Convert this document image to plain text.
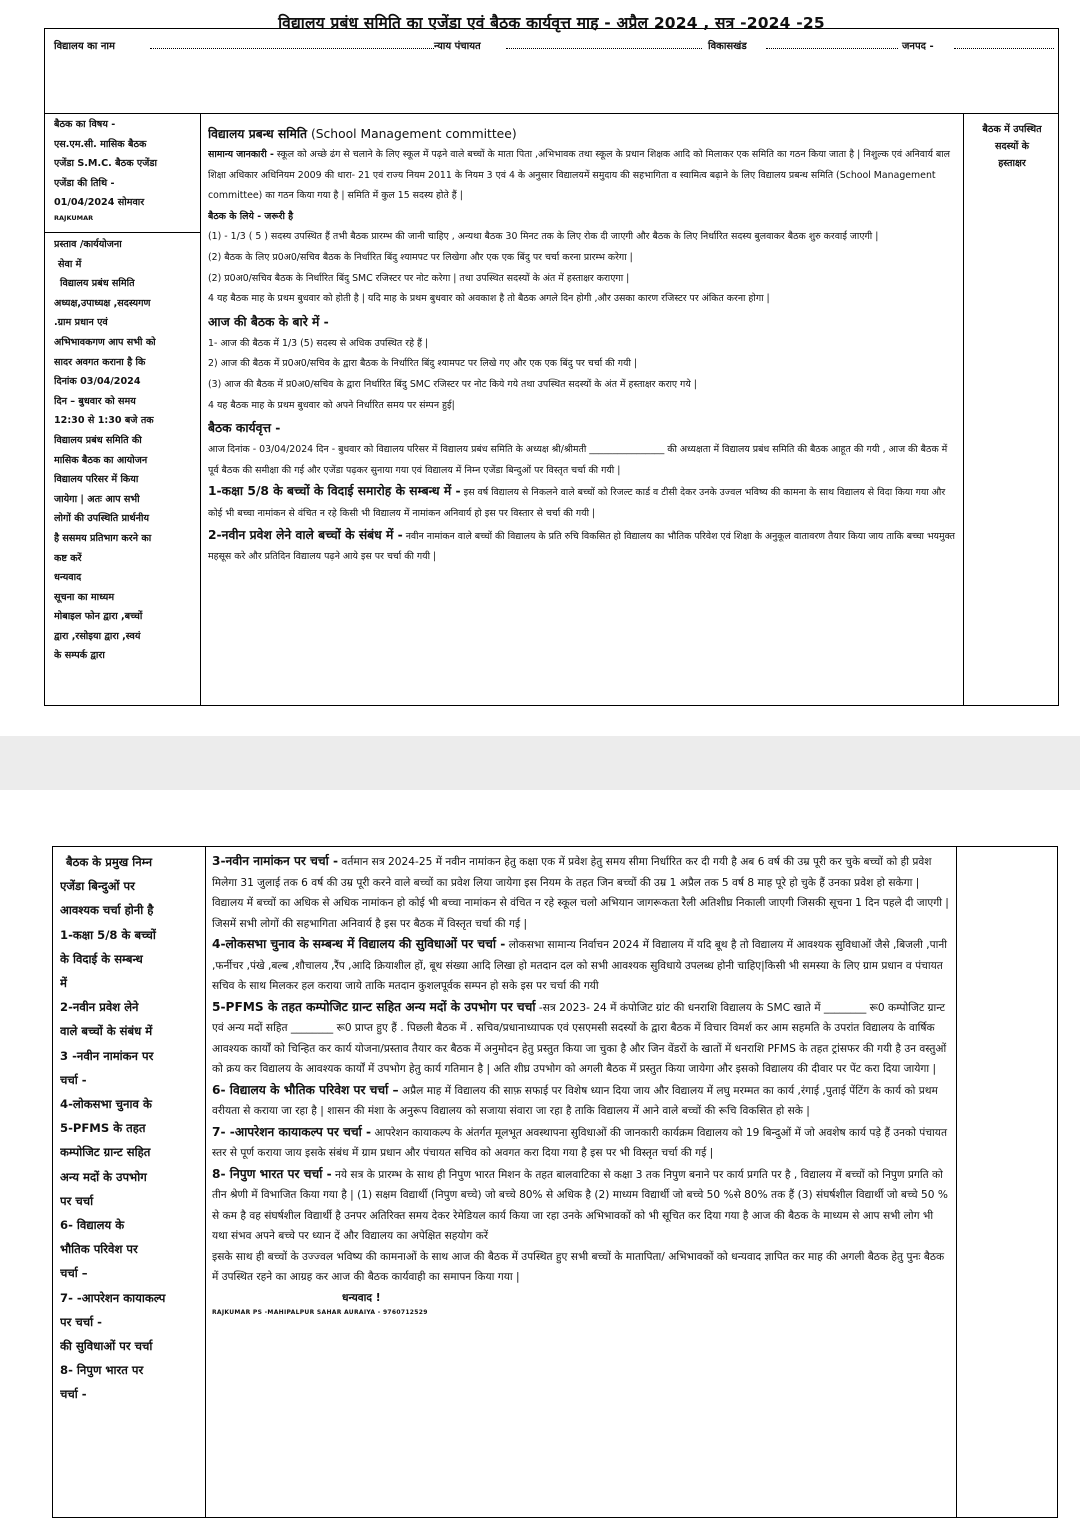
विद्यालय प्रबंध समिति का एजेंडा एवं बैठक कार्यवृत्त माह - अप्रैल 2024 , सत्र -2024 -25
विद्यालय का नाम	न्याय पंचायत	विकासखंड	जनपद -

बैठक का विषय -

एस.एम.सी. मासिक बैठक

एजेंडा S.M.C. बैठक एजेंडा

एजेंडा की तिथि -

01/04/2024 सोमवार

RAJKUMAR

प्रस्ताव /कार्ययोजना

सेवा में

विद्यालय प्रबंध समिति

अध्यक्ष,उपाध्यक्ष ,सदस्यगण

.ग्राम प्रधान एवं

अभिभावकगण आप सभी को

सादर अवगत कराना है कि

दिनांक 03/04/2024

दिन – बुधवार को समय

12:30 से 1:30 बजे तक

विद्यालय प्रबंध समिति की

मासिक बैठक का आयोजन

विद्यालय परिसर में किया

जायेगा | अतः आप सभी

लोगों की उपस्थिति प्रार्थनीय

है ससमय प्रतिभाग करने का

कष्ट करें

धन्यवाद

सूचना का माध्यम

मोबाइल फोन द्वारा ,बच्चों

द्वारा ,रसोइया द्वारा ,स्वयं

के सम्पर्क द्वारा

विद्यालय प्रबन्ध समिति (School Management committee)

सामान्य जानकारी - स्कूल को अच्छे ढंग से चलाने के लिए स्कूल में पढ़ने वाले बच्चों के माता पिता ,अभिभावक तथा स्कूल के प्रधान शिक्षक आदि को मिलाकर एक समिति का गठन किया जाता है | निशुल्क एवं अनिवार्य बाल शिक्षा अधिकार अधिनियम 2009 की धारा- 21 एवं राज्य नियम 2011 के नियम 3 एवं 4 के अनुसार विद्यालयमें समुदाय की सहभागिता व स्वामित्व बढ़ाने के लिए विद्यालय प्रबन्ध समिति (School Management committee) का गठन किया गया है | समिति में कुल 15 सदस्य होते हैं |

बैठक के लिये - जरूरी है

(1) - 1/3 ( 5 ) सदस्य उपस्थित हैं तभी बैठक प्रारम्भ की जानी चाहिए , अन्यथा बैठक 30 मिनट तक के लिए रोक दी जाएगी और बैठक के लिए निर्धारित सदस्य बुलवाकर बैठक शुरु करवाई जाएगी |

(2) बैठक के लिए प्र0अ0/सचिव बैठक के निर्धारित बिंदु श्यामपट पर लिखेगा और एक एक बिंदु पर चर्चा करना प्रारम्भ करेगा |

(2) प्र0अ0/सचिव बैठक के निर्धारित बिंदु SMC रजिस्टर पर नोट करेगा | तथा उपस्थित सदस्यों के अंत में हस्ताक्षर कराएगा |

4 यह बैठक माह के प्रथम बुधवार को होती है | यदि माह के प्रथम बुधवार को अवकाश है तो बैठक अगले दिन होगी ,और उसका कारण रजिस्टर पर अंकित करना होगा |

आज की बैठक के बारे में -

1- आज की बैठक में 1/3 (5) सदस्य से अधिक उपस्थित रहे हैं |

2) आज की बैठक में प्र0अ0/सचिव के द्वारा बैठक के निर्धारित बिंदु श्यामपट पर लिखे गए और एक एक बिंदु पर चर्चा की गयी |

(3) आज की बैठक में प्र0अ0/सचिव के द्वारा निर्धारित बिंदु SMC रजिस्टर पर नोट किये गये तथा उपस्थित सदस्यों के अंत में हस्ताक्षर कराए गये |

4 यह बैठक माह के प्रथम बुधवार को अपने निर्धारित समय पर संम्पन हुई|

बैठक कार्यवृत्त -

आज दिनांक - 03/04/2024 दिन - बुधवार को विद्यालय परिसर में विद्यालय प्रबंध समिति के अध्यक्ष श्री/श्रीमती ________________ की अध्यक्षता में विद्यालय प्रबंध समिति की बैठक आहूत की गयी , आज की बैठक में पूर्व बैठक की समीक्षा की गई और एजेंडा पढ़कर सुनाया गया एवं विद्यालय में निम्न एजेंडा बिन्दुओं पर विस्तृत चर्चा की गयी |

1-कक्षा 5/8 के बच्चों के विदाई समारोह के सम्बन्ध में - इस वर्ष विद्यालय से निकलने वाले बच्चों को रिजल्ट कार्ड व टीसी देकर उनके उज्वल भविष्य की कामना के साथ विद्यालय से विदा किया गया और कोई भी बच्चा नामांकन से वंचित न रहे किसी भी विद्यालय में नामांकन अनिवार्य हो इस पर विस्तार से चर्चा की गयी |

2-नवीन प्रवेश लेने वाले बच्चों के संबंध में - नवीन नामांकन वाले बच्चों की विद्यालय के प्रति रुचि विकसित हो विद्यालय का भौतिक परिवेश एवं शिक्षा के अनुकूल वातावरण तैयार किया जाय ताकि बच्चा भयमुक्त महसूस करे और प्रतिदिन विद्यालय पढ़ने आये इस पर चर्चा की गयी |

बैठक में उपस्थित

सदस्यों के

हस्ताक्षर

बैठक के प्रमुख निम्न

एजेंडा बिन्दुओं पर

आवश्यक चर्चा होनी है

1-कक्षा 5/8 के बच्चों

के विदाई के सम्बन्ध

में

2-नवीन प्रवेश लेने

वाले बच्चों के संबंध में

3 -नवीन नामांकन पर

चर्चा -

4-लोकसभा चुनाव के

5-PFMS के तहत

कम्पोजिट ग्रान्ट सहित

अन्य मदों के उपभोग

पर चर्चा

6- विद्यालय के

भौतिक परिवेश पर

चर्चा –

7- -आपरेशन कायाकल्प

पर चर्चा -

की सुविधाओं पर चर्चा

8- निपुण भारत पर

चर्चा -

3-नवीन नामांकन पर चर्चा - वर्तमान सत्र 2024-25 में नवीन नामांकन हेतु कक्षा एक में प्रवेश हेतु समय सीमा निर्धारित कर दी गयी है अब 6 वर्ष की उम्र पूरी कर चुके बच्चों को ही प्रवेश मिलेगा 31 जुलाई तक 6 वर्ष की उम्र पूरी करने वाले बच्चों का प्रवेश लिया जायेगा इस नियम के तहत जिन बच्चों की उम्र 1 अप्रैल तक 5 वर्ष 8 माह पूरे हो चुके हैं उनका प्रवेश हो सकेगा | विद्यालय में बच्चों का अधिक से अधिक नामांकन हो कोई भी बच्चा नामांकन से वंचित न रहे स्कूल चलो अभियान जागरूकता रैली अतिशीघ्र निकाली जाएगी जिसकी सूचना 1 दिन पहले दी जाएगी | जिसमें सभी लोगों की सहभागिता अनिवार्य है इस पर बैठक में विस्तृत चर्चा की गई |

4-लोकसभा चुनाव के सम्बन्ध में विद्यालय की सुविधाओं पर चर्चा - लोकसभा सामान्य निर्वाचन 2024 में विद्यालय में यदि बूथ है तो विद्यालय में आवश्यक सुविधाओं जैसे ,बिजली ,पानी ,फर्नीचर ,पंखे ,बल्ब ,शौचालय ,रैंप ,आदि क्रियाशील हों, बूथ संख्या आदि लिखा हो मतदान दल को सभी आवश्यक सुविधाये उपलब्ध होनी चाहिए|किसी भी समस्या के लिए ग्राम प्रधान व पंचायत सचिव के साथ मिलकर हल कराया जाये ताकि मतदान कुशलपूर्वक सम्पन हो सके इस पर चर्चा की गयी

5-PFMS के तहत कम्पोजिट ग्रान्ट सहित अन्य मदों के उपभोग पर चर्चा -सत्र 2023- 24 में कंपोजिट ग्रांट की धनराशि विद्यालय के SMC खाते में ________ रू0 कम्पोजिट ग्रान्ट एवं अन्य मदों सहित ________ रू0 प्राप्त हुए हैं . पिछली बैठक में . सचिव/प्रधानाध्यापक एवं एसएमसी सदस्यों के द्वारा बैठक में विचार विमर्श कर आम सहमति के उपरांत विद्यालय के वार्षिक आवश्यक कार्यों को चिन्हित कर कार्य योजना/प्रस्ताव तैयार कर बैठक में अनुमोदन हेतु प्रस्तुत किया जा चुका है और जिन वेंडरों के खातों में धनराशि PFMS के तहत ट्रांसफर की गयी है उन वस्तुओं को क्रय कर विद्यालय के आवश्यक कार्यों में उपभोग हेतु कार्य गतिमान है | अति शीघ्र उपभोग को अगली बैठक में प्रस्तुत किया जायेगा और इसको विद्यालय की दीवार पर पेंट करा दिया जायेगा |

6- विद्यालय के भौतिक परिवेश पर चर्चा – अप्रैल माह में विद्यालय की साफ़ सफाई पर विशेष ध्यान दिया जाय और विद्यालय में लघु मरम्मत का कार्य ,रंगाई ,पुताई पेंटिंग के कार्य को प्रथम वरीयता से कराया जा रहा है | शासन की मंशा के अनुरूप विद्यालय को सजाया संवारा जा रहा है ताकि विद्यालय में आने वाले बच्चों की रूचि विकसित हो सके |

7- -आपरेशन कायाकल्प पर चर्चा - आपरेशन कायाकल्प के अंतर्गत मूलभूत अवस्थापना सुविधाओं की जानकारी कार्यक्रम विद्यालय को 19 बिन्दुओं में जो अवशेष कार्य पड़े हैं उनको पंचायत स्तर से पूर्ण कराया जाय इसके संबंध में ग्राम प्रधान और पंचायत सचिव को अवगत करा दिया गया है इस पर भी विस्तृत चर्चा की गई |

8- निपुण भारत पर चर्चा - नये सत्र के प्रारम्भ के साथ ही निपुण भारत मिशन के तहत बालवाटिका से कक्षा 3 तक निपुण बनाने पर कार्य प्रगति पर है , विद्यालय में बच्चों को निपुण प्रगति को तीन श्रेणी में विभाजित किया गया है | (1) सक्षम विद्यार्थी (निपुण बच्चे) जो बच्चे 80% से अधिक है (2) माध्यम विद्यार्थी जो बच्चे 50 %से 80% तक हैं (3) संघर्षशील विद्यार्थी जो बच्चे 50 % से कम है वह संघर्षशील विद्यार्थी है उनपर अतिरिक्त समय देकर रेमेडियल कार्य किया जा रहा उनके अभिभावकों को भी सूचित कर दिया गया है आज की बैठक के माध्यम से आप सभी लोग भी यथा संभव अपने बच्चे पर ध्यान दें और विद्यालय का अपेक्षित सहयोग करें

इसके साथ ही बच्चों के उज्ज्वल भविष्य की कामनाओं के साथ आज की बैठक में उपस्थित हुए सभी बच्चों के मातापिता/ अभिभावकों को धन्यवाद ज्ञापित कर माह की अगली बैठक हेतु पुनः बैठक में उपस्थित रहने का आग्रह कर आज की बैठक कार्यवाही का समापन किया गया |

धन्यवाद !

RAJKUMAR PS -MAHIPALPUR SAHAR AURAIYA - 9760712529
